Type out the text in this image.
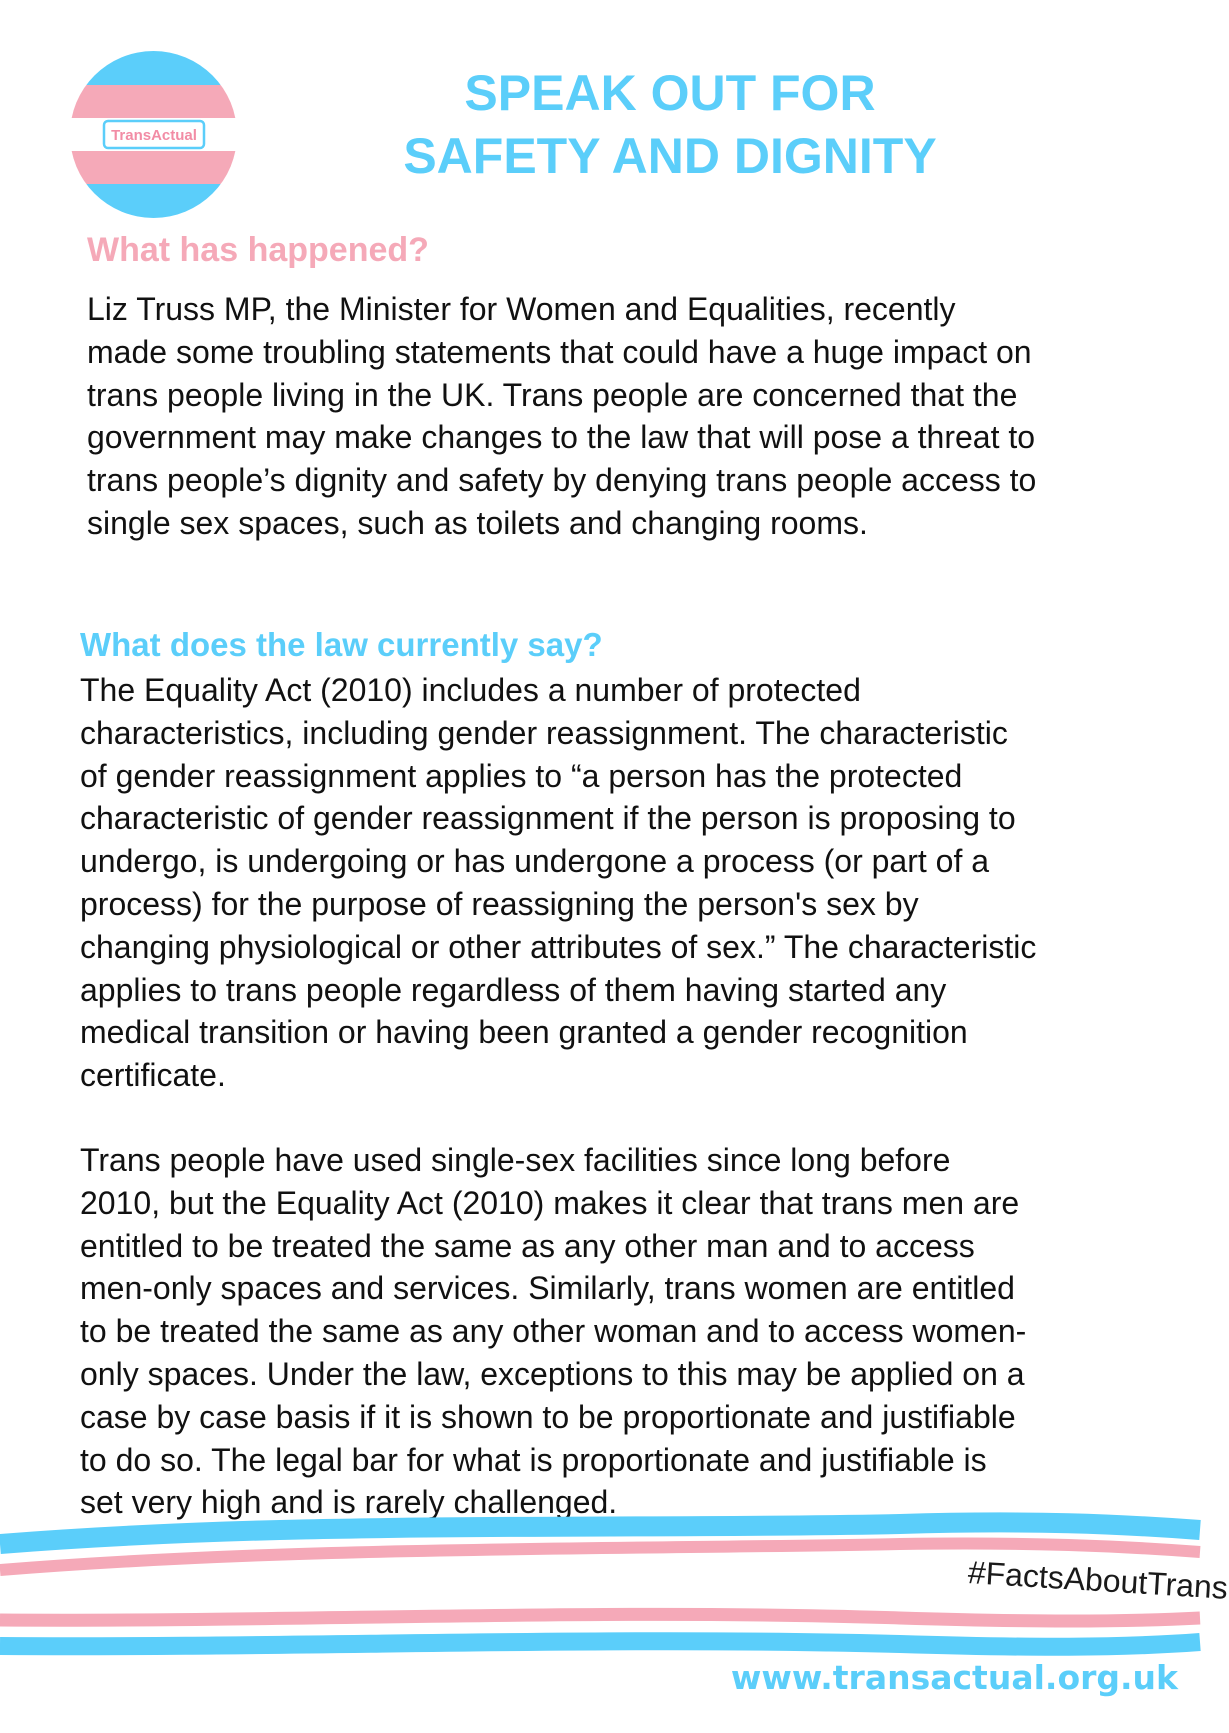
TransActual
SPEAK OUT FOR
SAFETY AND DIGNITY
What has happened?

Liz Truss MP, the Minister for Women and Equalities, recently
made some troubling statements that could have a huge impact on
trans people living in the UK. Trans people are concerned that the
government may make changes to the law that will pose a threat to
trans people’s dignity and safety by denying trans people access to
single sex spaces, such as toilets and changing rooms.

What does the law currently say?

The Equality Act (2010) includes a number of protected
characteristics, including gender reassignment. The characteristic
of gender reassignment applies to “a person has the protected
characteristic of gender reassignment if the person is proposing to
undergo, is undergoing or has undergone a process (or part of a
process) for the purpose of reassigning the person's sex by
changing physiological or other attributes of sex.” The characteristic
applies to trans people regardless of them having started any
medical transition or having been granted a gender recognition
certificate.

Trans people have used single-sex facilities since long before
2010, but the Equality Act (2010) makes it clear that trans men are
entitled to be treated the same as any other man and to access
men-only spaces and services. Similarly, trans women are entitled
to be treated the same as any other woman and to access women-
only spaces. Under the law, exceptions to this may be applied on a
case by case basis if it is shown to be proportionate and justifiable
to do so. The legal bar for what is proportionate and justifiable is
set very high and is rarely challenged.

#FactsAboutTrans

www.transactual.org.uk
